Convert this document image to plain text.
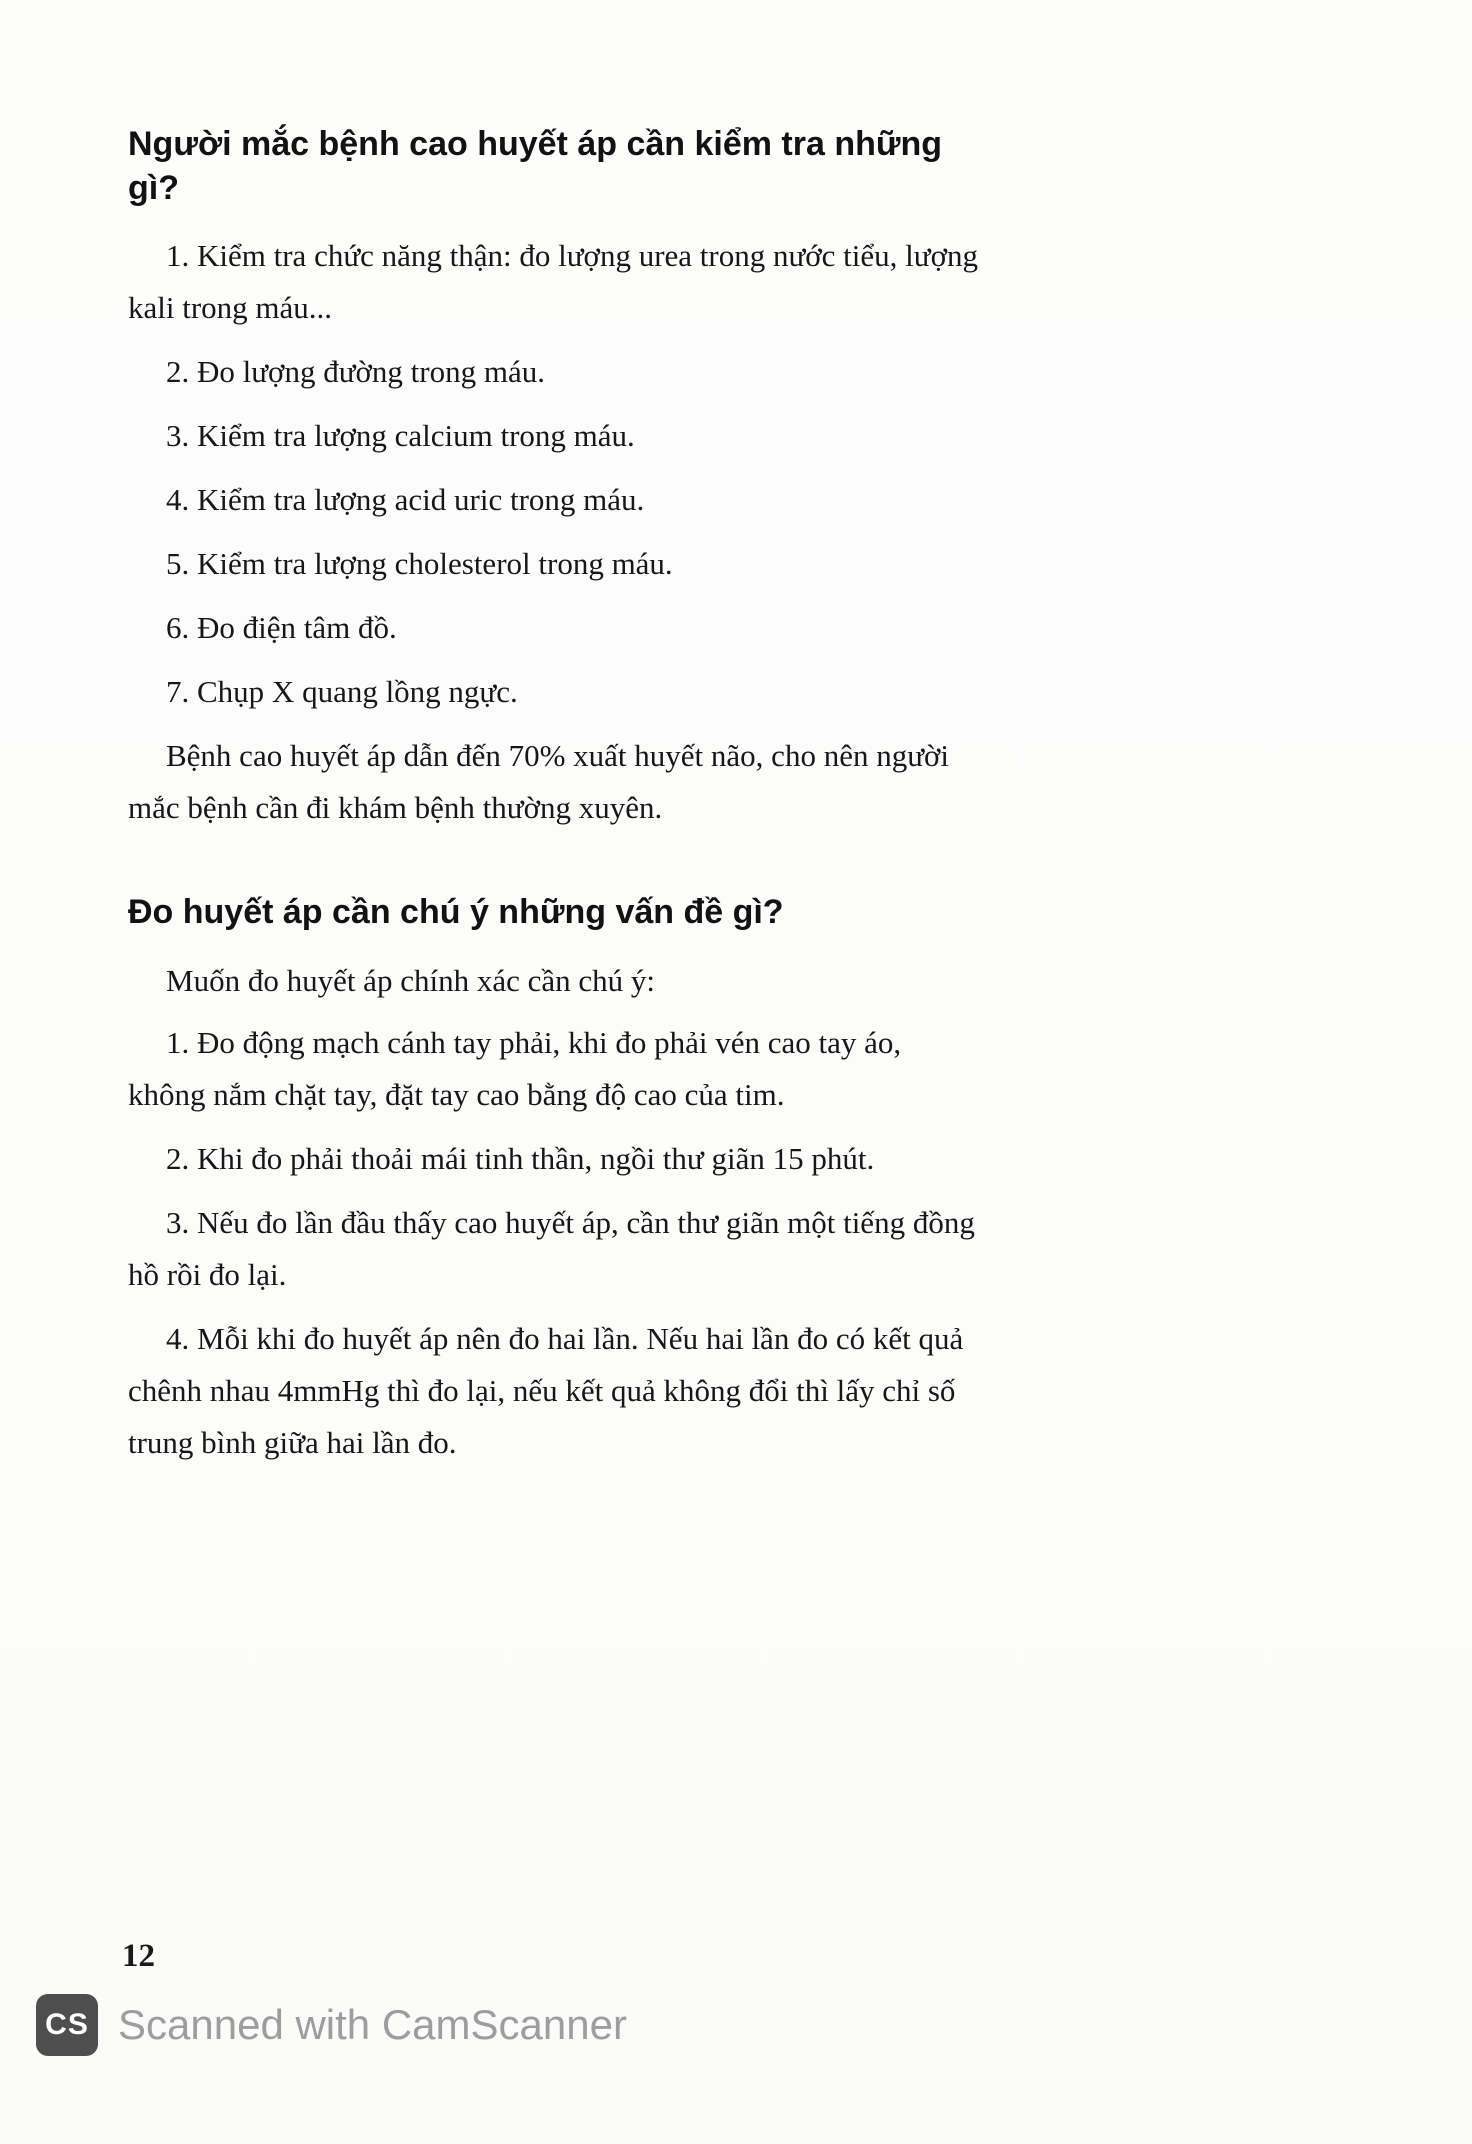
Người mắc bệnh cao huyết áp cần kiểm tra những gì?

1. Kiểm tra chức năng thận: đo lượng urea trong nước tiểu, lượng kali trong máu...

2. Đo lượng đường trong máu.

3. Kiểm tra lượng calcium trong máu.

4. Kiểm tra lượng acid uric trong máu.

5. Kiểm tra lượng cholesterol trong máu.

6. Đo điện tâm đồ.

7. Chụp X quang lồng ngực.

Bệnh cao huyết áp dẫn đến 70% xuất huyết não, cho nên người mắc bệnh cần đi khám bệnh thường xuyên.

Đo huyết áp cần chú ý những vấn đề gì?

Muốn đo huyết áp chính xác cần chú ý:

1. Đo động mạch cánh tay phải, khi đo phải vén cao tay áo, không nắm chặt tay, đặt tay cao bằng độ cao của tim.

2. Khi đo phải thoải mái tinh thần, ngồi thư giãn 15 phút.

3. Nếu đo lần đầu thấy cao huyết áp, cần thư giãn một tiếng đồng hồ rồi đo lại.

4. Mỗi khi đo huyết áp nên đo hai lần. Nếu hai lần đo có kết quả chênh nhau 4mmHg thì đo lại, nếu kết quả không đổi thì lấy chỉ số trung bình giữa hai lần đo.

12
CS Scanned with CamScanner
